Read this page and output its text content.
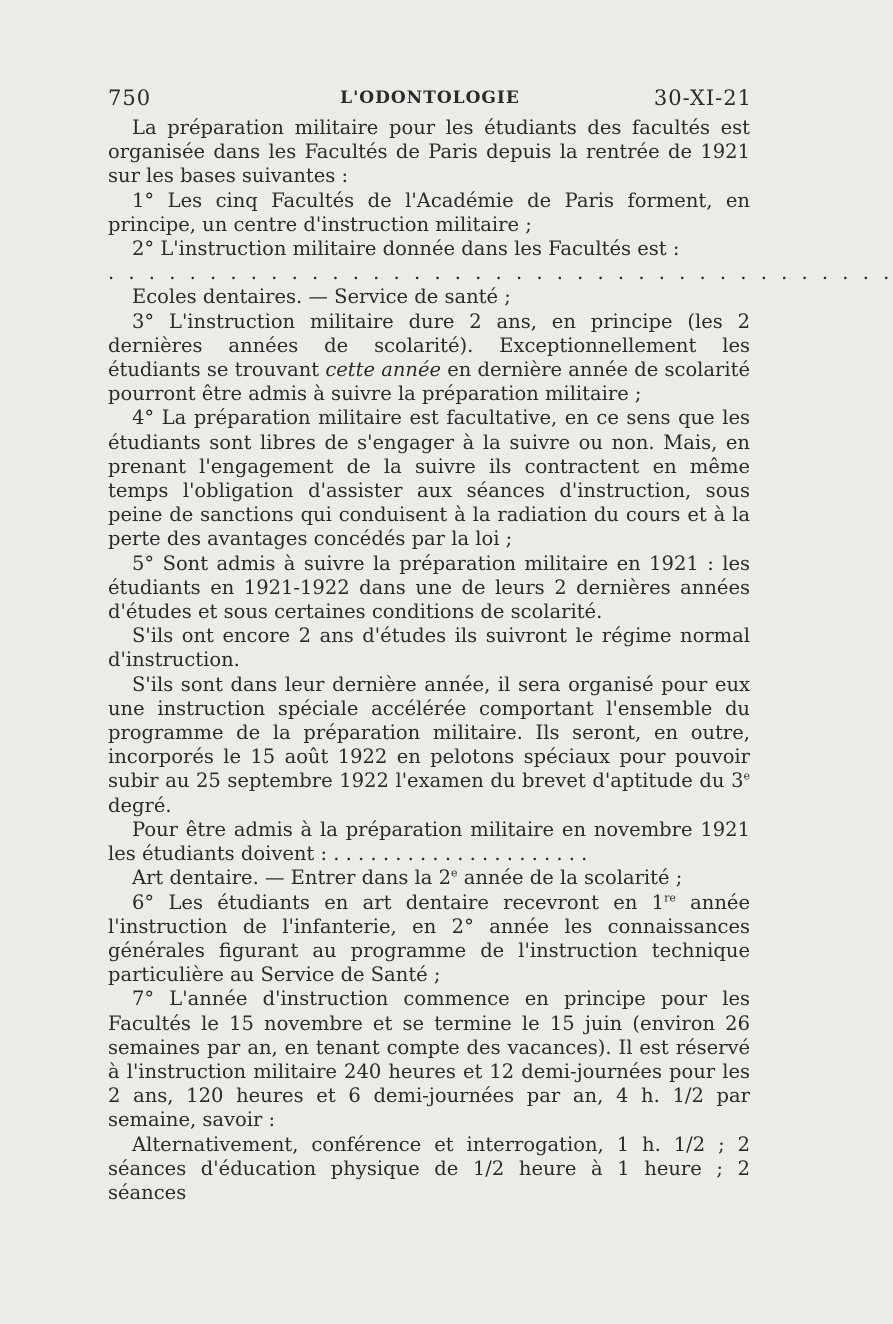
750	L'ODONTOLOGIE	30-XI-21

La préparation militaire pour les étudiants des facultés est organisée dans les Facultés de Paris depuis la rentrée de 1921 sur les bases suivantes :

1° Les cinq Facultés de l'Académie de Paris forment, en principe, un centre d'instruction militaire ;

2° L'instruction militaire donnée dans les Facultés est :

. . . . . . . . . . . . . . . . . . . . . . . . . . . . . . . . . . . . . . .

Ecoles dentaires. — Service de santé ;

3° L'instruction militaire dure 2 ans, en principe (les 2 dernières années de scolarité). Exceptionnellement les étudiants se trouvant cette année en dernière année de scolarité pourront être admis à suivre la préparation militaire ;

4° La préparation militaire est facultative, en ce sens que les étudiants sont libres de s'engager à la suivre ou non. Mais, en prenant l'engagement de la suivre ils contractent en même temps l'obligation d'assister aux séances d'instruction, sous peine de sanctions qui conduisent à la radiation du cours et à la perte des avantages concédés par la loi ;

5° Sont admis à suivre la préparation militaire en 1921 : les étudiants en 1921-1922 dans une de leurs 2 dernières années d'études et sous certaines conditions de scolarité.

S'ils ont encore 2 ans d'études ils suivront le régime normal d'instruction.

S'ils sont dans leur dernière année, il sera organisé pour eux une instruction spéciale accélérée comportant l'ensemble du programme de la préparation militaire. Ils seront, en outre, incorporés le 15 août 1922 en pelotons spéciaux pour pouvoir subir au 25 septembre 1922 l'examen du brevet d'aptitude du 3e degré.

Pour être admis à la préparation militaire en novembre 1921 les étudiants doivent : . . . . . . . . . . . . . . . . . . . . .

Art dentaire. — Entrer dans la 2e année de la scolarité ;

6° Les étudiants en art dentaire recevront en 1re année l'instruction de l'infanterie, en 2° année les connaissances générales figurant au programme de l'instruction technique particulière au Service de Santé ;

7° L'année d'instruction commence en principe pour les Facultés le 15 novembre et se termine le 15 juin (environ 26 semaines par an, en tenant compte des vacances). Il est réservé à l'instruction militaire 240 heures et 12 demi-journées pour les 2 ans, 120 heures et 6 demi-journées par an, 4 h. 1/2 par semaine, savoir :

Alternativement, conférence et interrogation, 1 h. 1/2 ; 2 séances d'éducation physique de 1/2 heure à 1 heure ; 2 séances
